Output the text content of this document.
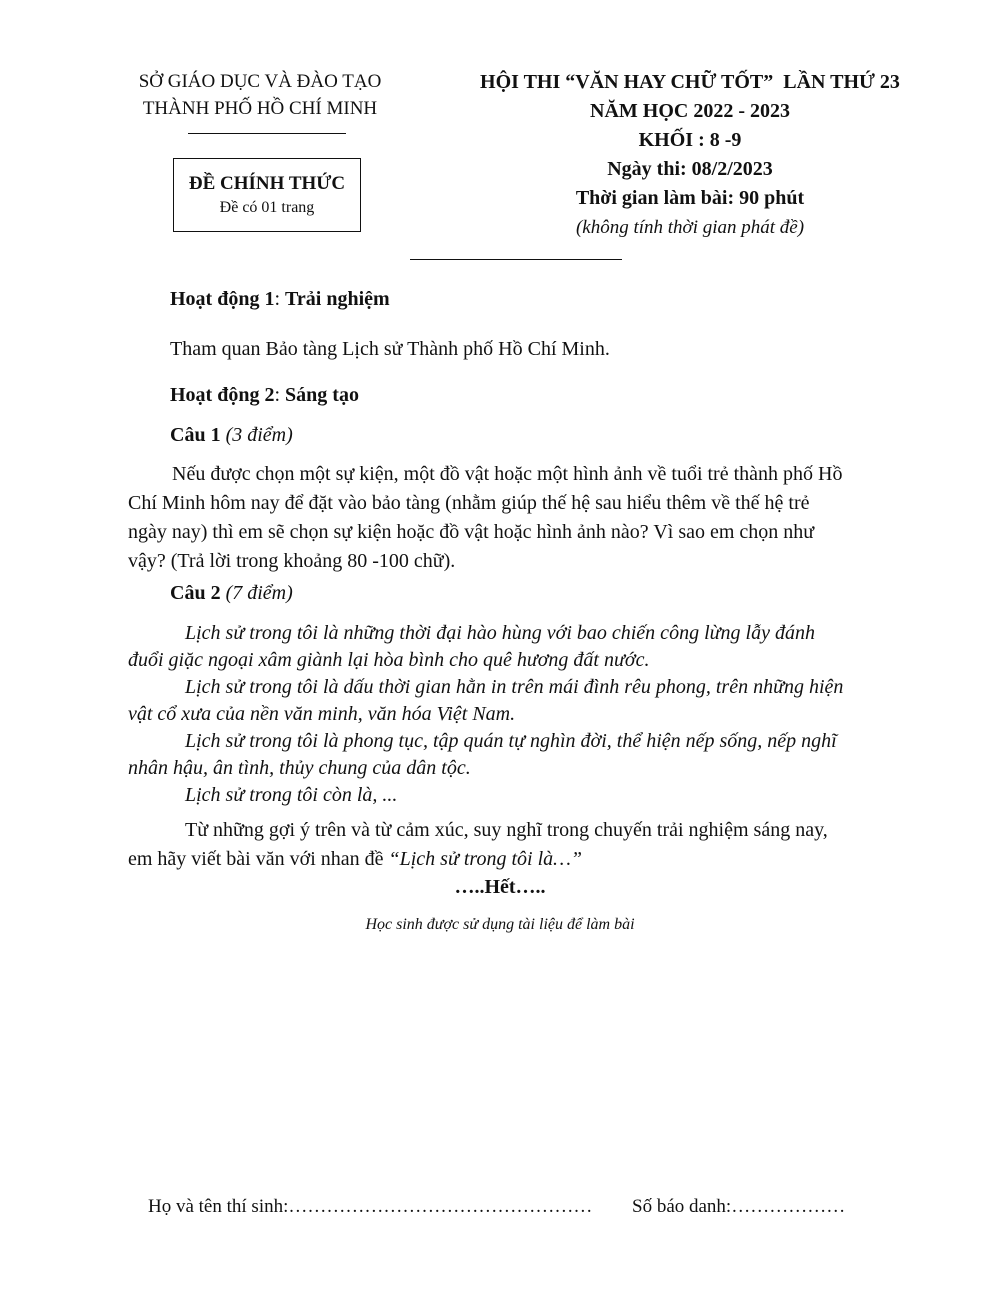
SỞ GIÁO DỤC VÀ ĐÀO TẠO
THÀNH PHỐ HỒ CHÍ MINH
ĐỀ CHÍNH THỨC
Đề có 01 trang
HỘI THI “VĂN HAY CHỮ TỐT”  LẦN THỨ 23
NĂM HỌC 2022 - 2023
KHỐI : 8 -9
Ngày thi: 08/2/2023
Thời gian làm bài: 90 phút
(không tính thời gian phát đề)
Hoạt động 1: Trải nghiệm
Tham quan Bảo tàng Lịch sử Thành phố Hồ Chí Minh.
Hoạt động 2: Sáng tạo
Câu 1 (3 điểm)
Nếu được chọn một sự kiện, một đồ vật hoặc một hình ảnh về tuổi trẻ thành phố Hồ
Chí Minh hôm nay để đặt vào bảo tàng (nhằm giúp thế hệ sau hiểu thêm về thế hệ trẻ
ngày nay) thì em sẽ chọn sự kiện hoặc đồ vật hoặc hình ảnh nào? Vì sao em chọn như
vậy? (Trả lời trong khoảng 80 -100 chữ).
Câu 2 (7 điểm)
Lịch sử trong tôi là những thời đại hào hùng với bao chiến công lừng lẫy đánh
đuổi giặc ngoại xâm giành lại hòa bình cho quê hương đất nước.
Lịch sử trong tôi là dấu thời gian hằn in trên mái đình rêu phong, trên những hiện
vật cổ xưa của nền văn minh, văn hóa Việt Nam.
Lịch sử trong tôi là phong tục, tập quán tự nghìn đời, thể hiện nếp sống, nếp nghĩ
nhân hậu, ân tình, thủy chung của dân tộc.
Lịch sử trong tôi còn là, ...
Từ những gợi ý trên và từ cảm xúc, suy nghĩ trong chuyến trải nghiệm sáng nay,
em hãy viết bài văn với nhan đề “Lịch sử trong tôi là…”
…..Hết…..
Học sinh được sử dụng tài liệu để làm bài
Họ và tên thí sinh:………………………………………… Số báo danh:………………
